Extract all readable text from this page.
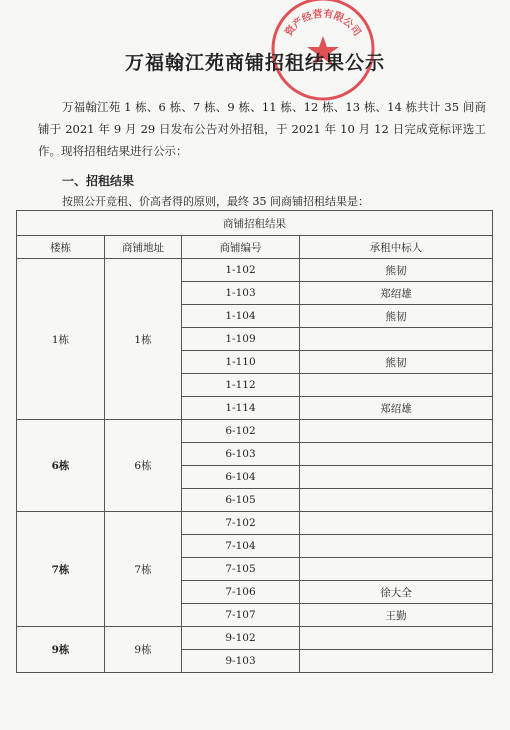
资产经营有限公司
万福翰江苑商铺招租结果公示
万福翰江苑 1 栋、6 栋、7 栋、9 栋、11 栋、12 栋、13 栋、14 栋共计 35 间商铺于 2021 年 9 月 29 日发布公告对外招租，于 2021 年 10 月 12 日完成竞标评选工作。现将招租结果进行公示：
一、招租结果
按照公开竞租、价高者得的原则，最终 35 间商铺招租结果是：
商铺招租结果			
楼栋	商铺地址	商铺编号	承租中标人
1栋	1栋	1-102	熊韧
		1-103	郑绍雄
		1-104	熊韧
		1-109	
		1-110	熊韧
		1-112	
		1-114	郑绍雄
6栋	6栋	6-102	
		6-103	
		6-104	
		6-105	
7栋	7栋	7-102	
		7-104	
		7-105	
		7-106	徐大全
		7-107	王勤
9栋	9栋	9-102	
		9-103	
